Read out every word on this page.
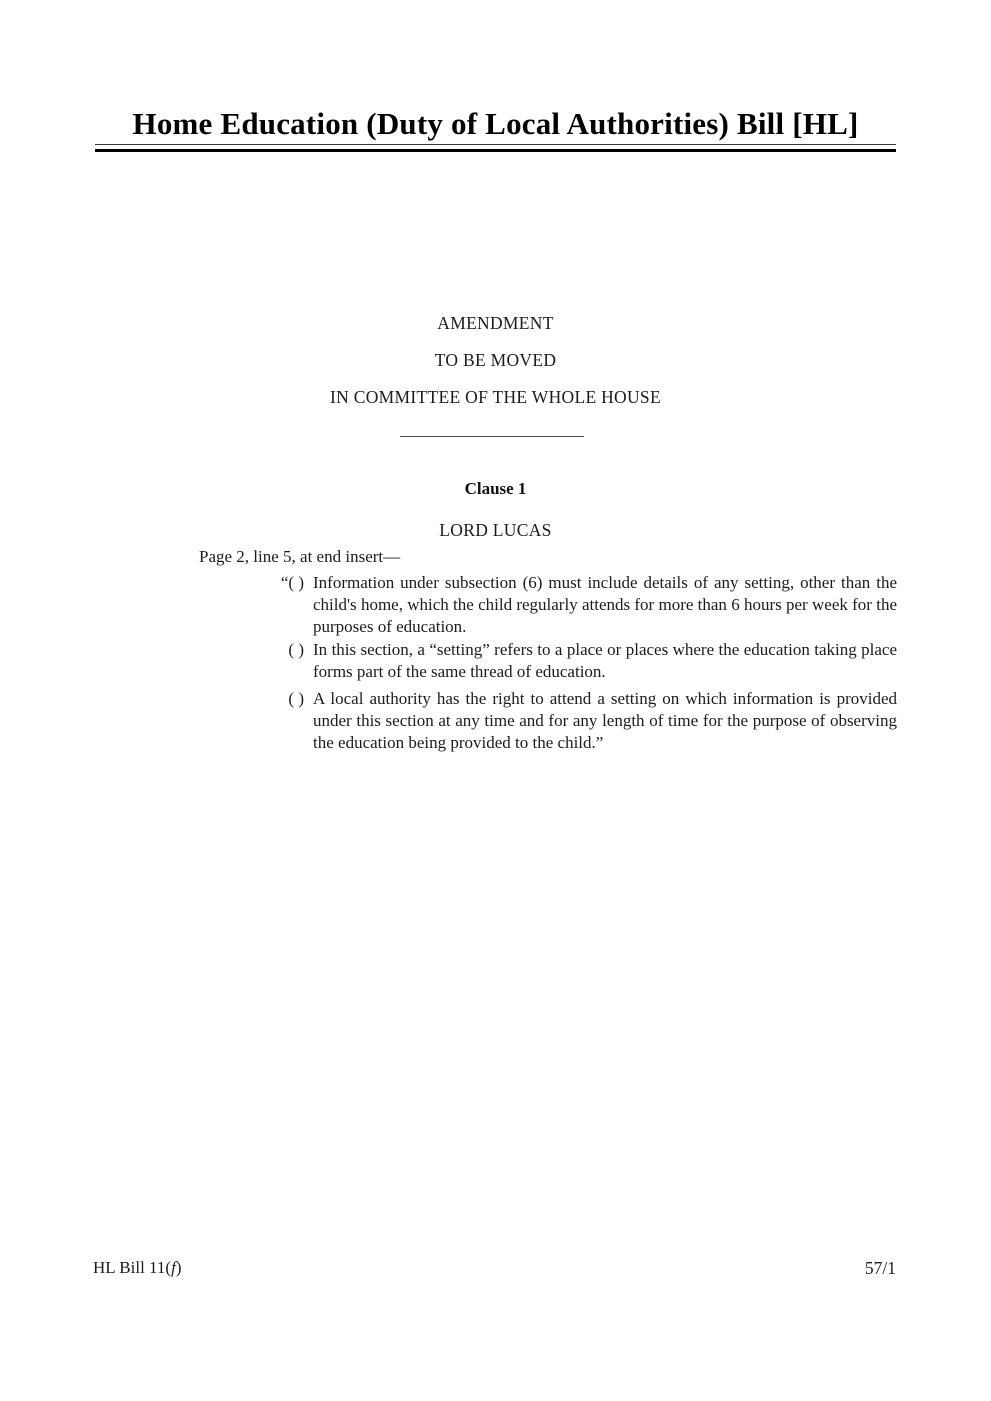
Home Education (Duty of Local Authorities) Bill [HL]
AMENDMENT
TO BE MOVED
IN COMMITTEE OF THE WHOLE HOUSE
Clause 1
LORD LUCAS
Page 2, line 5, at end insert—
“( ) Information under subsection (6) must include details of any setting, other than the child's home, which the child regularly attends for more than 6 hours per week for the purposes of education.
( ) In this section, a “setting” refers to a place or places where the education taking place forms part of the same thread of education.
( ) A local authority has the right to attend a setting on which information is provided under this section at any time and for any length of time for the purpose of observing the education being provided to the child.”
HL Bill 11(f)	57/1
